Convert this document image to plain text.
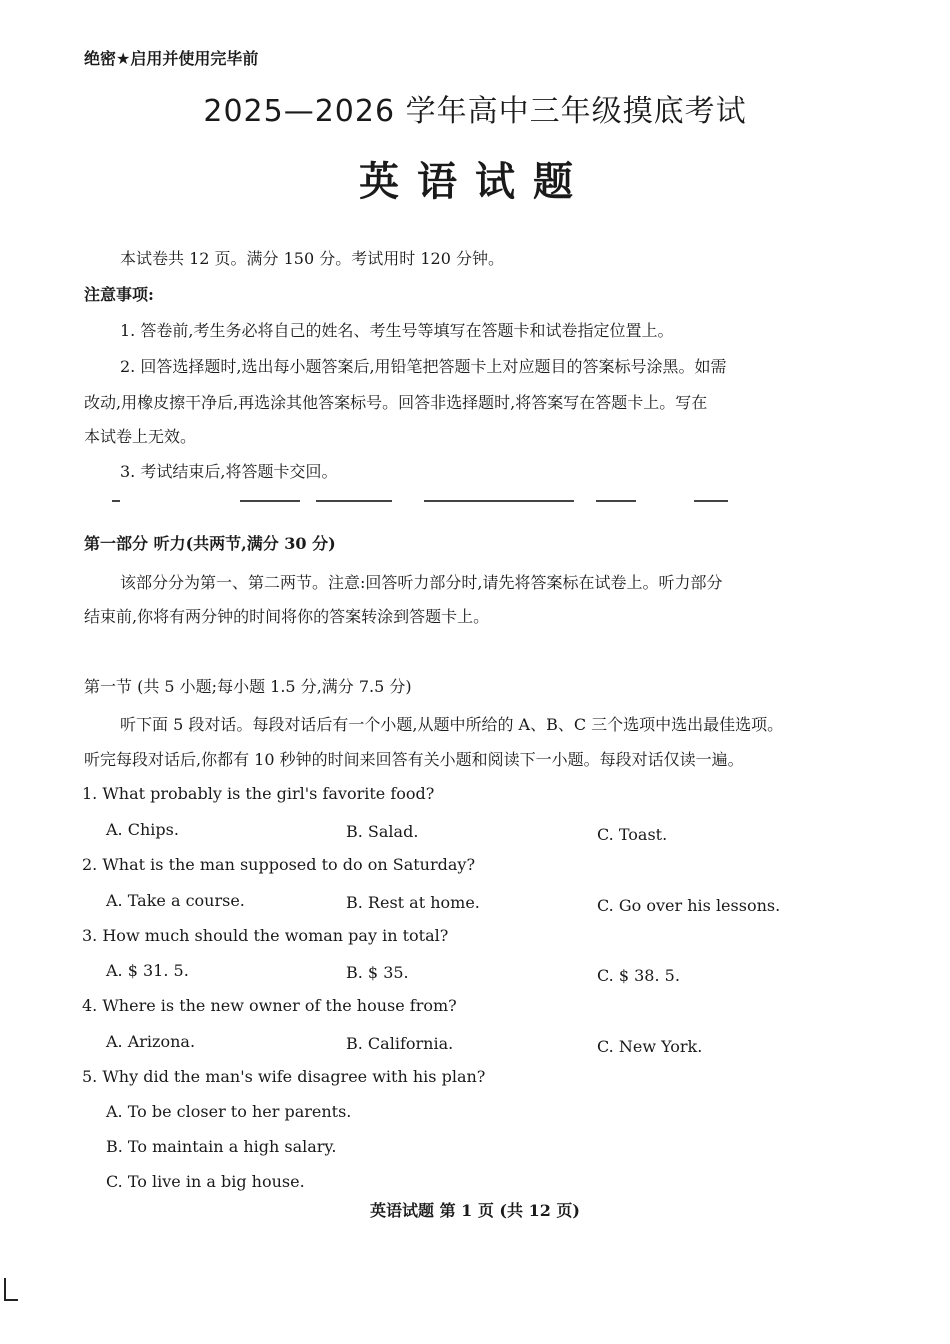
绝密★启用并使用完毕前
2025—2026 学年高中三年级摸底考试
英语试题
本试卷共 12 页。满分 150 分。考试用时 120 分钟。
注意事项:
1. 答卷前,考生务必将自己的姓名、考生号等填写在答题卡和试卷指定位置上。
2. 回答选择题时,选出每小题答案后,用铅笔把答题卡上对应题目的答案标号涂黑。如需
改动,用橡皮擦干净后,再选涂其他答案标号。回答非选择题时,将答案写在答题卡上。写在
本试卷上无效。
3. 考试结束后,将答题卡交回。
第一部分 听力(共两节,满分 30 分)
该部分分为第一、第二两节。注意:回答听力部分时,请先将答案标在试卷上。听力部分
结束前,你将有两分钟的时间将你的答案转涂到答题卡上。
第一节 (共 5 小题;每小题 1.5 分,满分 7.5 分)
听下面 5 段对话。每段对话后有一个小题,从题中所给的 A、B、C 三个选项中选出最佳选项。
听完每段对话后,你都有 10 秒钟的时间来回答有关小题和阅读下一小题。每段对话仅读一遍。
1. What probably is the girl's favorite food?
A. Chips.	B. Salad.	C. Toast.
2. What is the man supposed to do on Saturday?
A. Take a course.	B. Rest at home.	C. Go over his lessons.
3. How much should the woman pay in total?
A. $ 31. 5.	B. $ 35.	C. $ 38. 5.
4. Where is the new owner of the house from?
A. Arizona.	B. California.	C. New York.
5. Why did the man's wife disagree with his plan?
A. To be closer to her parents.
B. To maintain a high salary.
C. To live in a big house.
英语试题 第 1 页 (共 12 页)
